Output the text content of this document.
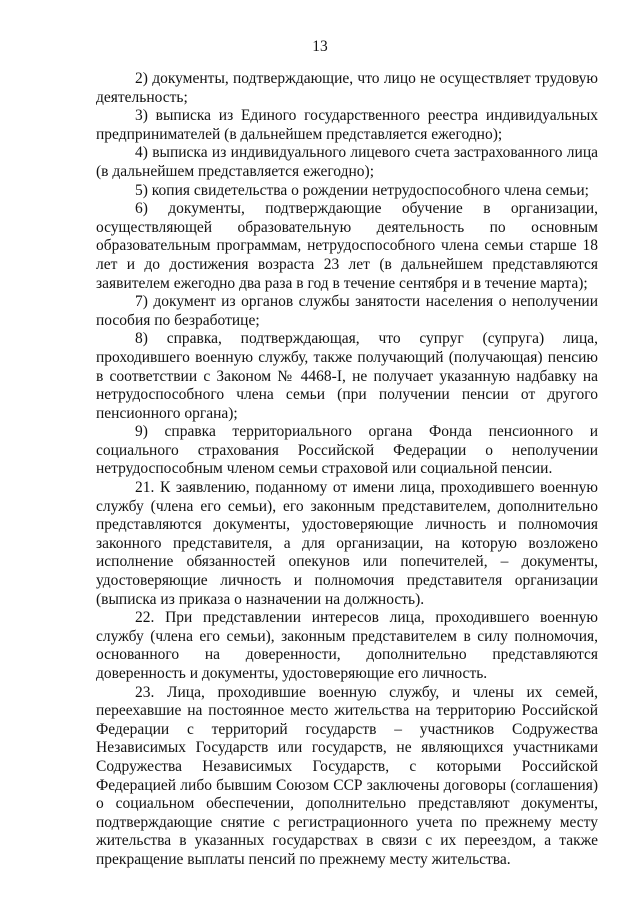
13

2) документы, подтверждающие, что лицо не осуществляет трудовую деятельность;

3) выписка из Единого государственного реестра индивидуальных предпринимателей (в дальнейшем представляется ежегодно);

4) выписка из индивидуального лицевого счета застрахованного лица (в дальнейшем представляется ежегодно);

5) копия свидетельства о рождении нетрудоспособного члена семьи;

6) документы, подтверждающие обучение в организации, осуществляющей образовательную деятельность по основным образовательным программам, нетрудоспособного члена семьи старше 18 лет и до достижения возраста 23 лет (в дальнейшем представляются заявителем ежегодно два раза в год в течение сентября и в течение марта);

7) документ из органов службы занятости населения о неполучении пособия по безработице;

8) справка, подтверждающая, что супруг (супруга) лица, проходившего военную службу, также получающий (получающая) пенсию в соответствии с Законом № 4468-I, не получает указанную надбавку на нетрудоспособного члена семьи (при получении пенсии от другого пенсионного органа);

9) справка территориального органа Фонда пенсионного и социального страхования Российской Федерации о неполучении нетрудоспособным членом семьи страховой или социальной пенсии.

21. К заявлению, поданному от имени лица, проходившего военную службу (члена его семьи), его законным представителем, дополнительно представляются документы, удостоверяющие личность и полномочия законного представителя, а для организации, на которую возложено исполнение обязанностей опекунов или попечителей, – документы, удостоверяющие личность и полномочия представителя организации (выписка из приказа о назначении на должность).

22. При представлении интересов лица, проходившего военную службу (члена его семьи), законным представителем в силу полномочия, основанного на доверенности, дополнительно представляются доверенность и документы, удостоверяющие его личность.

23. Лица, проходившие военную службу, и члены их семей, переехавшие на постоянное место жительства на территорию Российской Федерации с территорий государств – участников Содружества Независимых Государств или государств, не являющихся участниками Содружества Независимых Государств, с которыми Российской Федерацией либо бывшим Союзом ССР заключены договоры (соглашения) о социальном обеспечении, дополнительно представляют документы, подтверждающие снятие с регистрационного учета по прежнему месту жительства в указанных государствах в связи с их переездом, а также прекращение выплаты пенсий по прежнему месту жительства.
